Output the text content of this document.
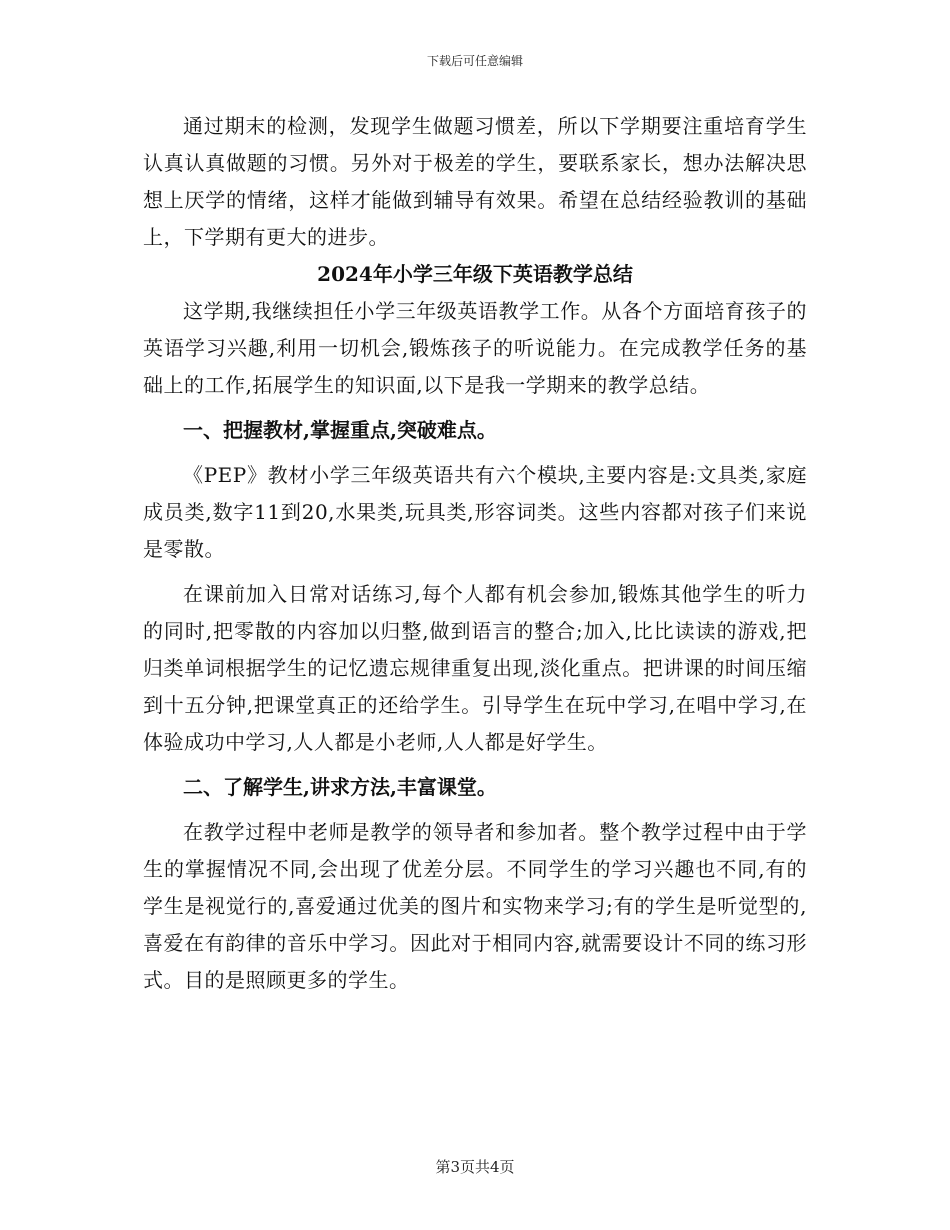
下载后可任意编辑

通过期末的检测，发现学生做题习惯差，所以下学期要注重培育学生认真认真做题的习惯。另外对于极差的学生，要联系家长，想办法解决思想上厌学的情绪，这样才能做到辅导有效果。希望在总结经验教训的基础上，下学期有更大的进步。

2024年小学三年级下英语教学总结

这学期,我继续担任小学三年级英语教学工作。从各个方面培育孩子的英语学习兴趣,利用一切机会,锻炼孩子的听说能力。在完成教学任务的基础上的工作,拓展学生的知识面,以下是我一学期来的教学总结。

一、把握教材,掌握重点,突破难点。

《PEP》教材小学三年级英语共有六个模块,主要内容是:文具类,家庭成员类,数字11到20,水果类,玩具类,形容词类。这些内容都对孩子们来说是零散。

在课前加入日常对话练习,每个人都有机会参加,锻炼其他学生的听力的同时,把零散的内容加以归整,做到语言的整合;加入,比比读读的游戏,把归类单词根据学生的记忆遗忘规律重复出现,淡化重点。把讲课的时间压缩到十五分钟,把课堂真正的还给学生。引导学生在玩中学习,在唱中学习,在体验成功中学习,人人都是小老师,人人都是好学生。

二、了解学生,讲求方法,丰富课堂。

在教学过程中老师是教学的领导者和参加者。整个教学过程中由于学生的掌握情况不同,会出现了优差分层。不同学生的学习兴趣也不同,有的学生是视觉行的,喜爱通过优美的图片和实物来学习;有的学生是听觉型的,喜爱在有韵律的音乐中学习。因此对于相同内容,就需要设计不同的练习形式。目的是照顾更多的学生。

第3页共4页
